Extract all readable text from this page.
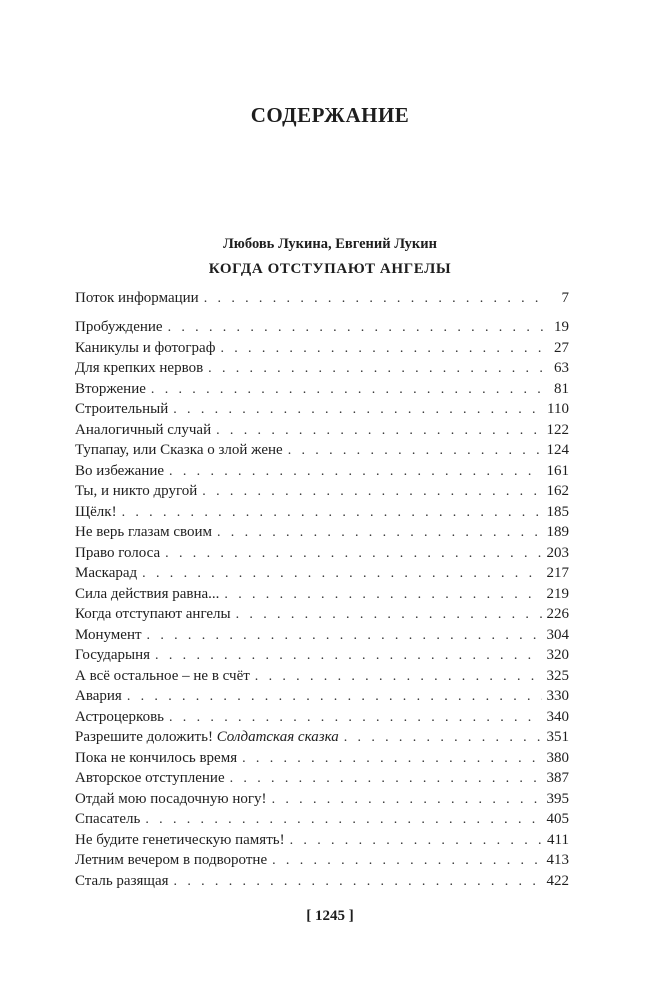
СОДЕРЖАНИЕ

Любовь Лукина, Евгений Лукин

КОГДА ОТСТУПАЮТ АНГЕЛЫ
Поток информации . . .	7
Пробуждение . . .	19
Каникулы и фотограф . . .	27
Для крепких нервов . . .	63
Вторжение . . .	81
Строительный . . .	110
Аналогичный случай . . .	122
Тупапау, или Сказка о злой жене . . .	124
Во избежание . . .	161
Ты, и никто другой . . .	162
Щёлк! . . .	185
Не верь глазам своим . . .	189
Право голоса . . .	203
Маскарад . . .	217
Сила действия равна... . . .	219
Когда отступают ангелы . . .	226
Монумент . . .	304
Государыня . . .	320
А всё остальное – не в счёт . . .	325
Авария . . .	330
Астроцерковь . . .	340
Разрешите доложить! Солдатская сказка . . .	351
Пока не кончилось время . . .	380
Авторское отступление . . .	387
Отдай мою посадочную ногу! . . .	395
Спасатель . . .	405
Не будите генетическую память! . . .	411
Летним вечером в подворотне . . .	413
Сталь разящая . . .	422

[ 1245 ]
